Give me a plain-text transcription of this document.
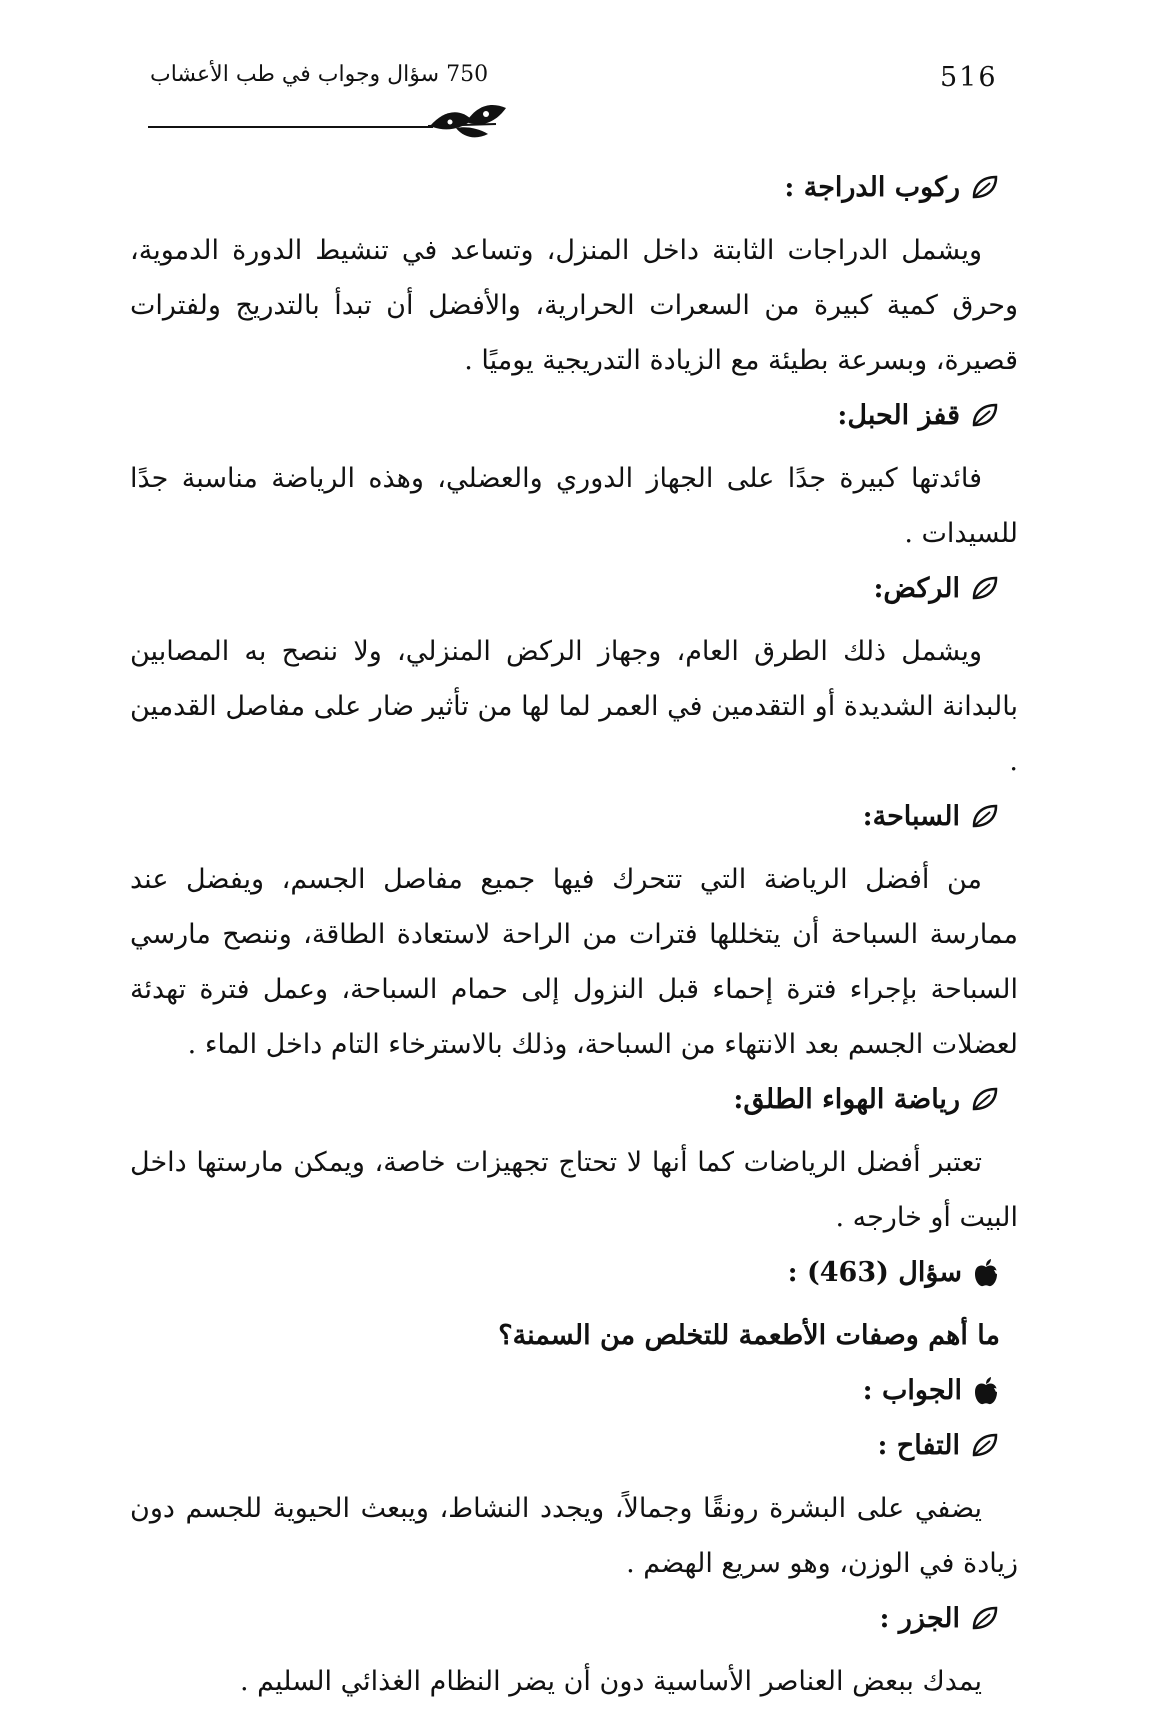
516
750 سؤال وجواب في طب الأعشاب
ركوب الدراجة :

ويشمل الدراجات الثابتة داخل المنزل، وتساعد في تنشيط الدورة الدموية، وحرق كمية كبيرة من السعرات الحرارية، والأفضل أن تبدأ بالتدريج ولفترات قصيرة، وبسرعة بطيئة مع الزيادة التدريجية يوميًا .

قفز الحبل:

فائدتها كبيرة جدًا على الجهاز الدوري والعضلي، وهذه الرياضة مناسبة جدًا للسيدات .

الركض:

ويشمل ذلك الطرق العام، وجهاز الركض المنزلي، ولا ننصح به المصابين بالبدانة الشديدة أو التقدمين في العمر لما لها من تأثير ضار على مفاصل القدمين .

السباحة:

من أفضل الرياضة التي تتحرك فيها جميع مفاصل الجسم، ويفضل عند ممارسة السباحة أن يتخللها فترات من الراحة لاستعادة الطاقة، وننصح مارسي السباحة بإجراء فترة إحماء قبل النزول إلى حمام السباحة، وعمل فترة تهدئة لعضلات الجسم بعد الانتهاء من السباحة، وذلك بالاسترخاء التام داخل الماء .

رياضة الهواء الطلق:

تعتبر أفضل الرياضات كما أنها لا تحتاج تجهيزات خاصة، ويمكن مارستها داخل البيت أو خارجه .

سؤال (463) :
ما أهم وصفات الأطعمة للتخلص من السمنة؟
الجواب :
التفاح :

يضفي على البشرة رونقًا وجمالاً، ويجدد النشاط، ويبعث الحيوية للجسم دون زيادة في الوزن، وهو سريع الهضم .

الجزر :

يمدك ببعض العناصر الأساسية دون أن يضر النظام الغذائي السليم .
